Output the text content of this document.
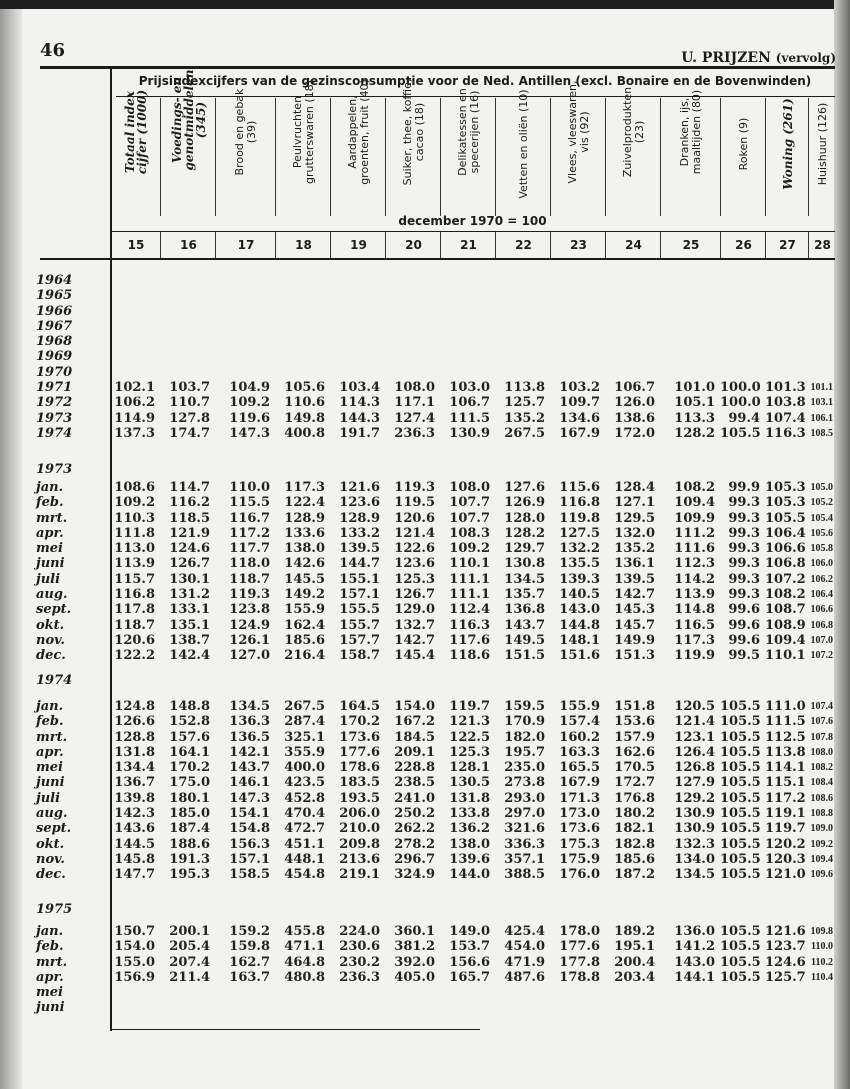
46	U. PRIJZEN (vervolg)
Prijsindexcijfers van de gezinsconsumptie voor de Ned. Antillen (excl. Bonaire en de Bovenwinden)
Totaal index cijfer (1000)
15
Voedings- en genotmiddelen (345)
16
Brood en gebak (39)
17
Peulvruchten grutterswaren (18)
18
Aardappelen, groenten, fruit (40)
19
Suiker, thee, koffie, cacao (18)
20
Delikatessen en specerijen (16)
21
Vetten en oliën (10)
22
Vlees, vleeswaren, vis (92)
23
Zuivelprodukten (23)
24
Dranken, ijs, maaltijden (80)
25
Roken (9)
26
Woning (261)
27
Huishuur (126)
28
december 1970 = 100
1964
1965
1966
1967
1968
1969
1970
1971	102.1	103.7	104.9	105.6	103.4	108.0	103.0	113.8	103.2	106.7	101.0 100.0 101.3 101.1
1972	106.2	110.7	109.2	110.6	114.3	117.1	106.7	125.7	109.7	126.0	105.1 100.0 103.8 103.1
1973	114.9	127.8	119.6	149.8	144.3	127.4	111.5	135.2	134.6	138.6	113.3	99.4 107.4 106.1
1974	137.3	174.7	147.3	400.8	191.7	236.3	130.9	267.5	167.9	172.0	128.2 105.5 116.3 108.5
1973
jan.	108.6	114.7	110.0	117.3	121.6	119.3	108.0	127.6	115.6	128.4	108.2	99.9 105.3 105.0
feb.	109.2	116.2	115.5	122.4	123.6	119.5	107.7	126.9	116.8	127.1	109.4	99.3 105.3 105.2
mrt.	110.3	118.5	116.7	128.9	128.9	120.6	107.7	128.0	119.8	129.5	109.9	99.3 105.5 105.4
apr.	111.8	121.9	117.2	133.6	133.2	121.4	108.3	128.2	127.5	132.0	111.2	99.3 106.4 105.6
mei	113.0	124.6	117.7	138.0	139.5	122.6	109.2	129.7	132.2	135.2	111.6	99.3 106.6 105.8
juni	113.9	126.7	118.0	142.6	144.7	123.6	110.1	130.8	135.5	136.1	112.3	99.3 106.8 106.0
juli	115.7	130.1	118.7	145.5	155.1	125.3	111.1	134.5	139.3	139.5	114.2	99.3 107.2 106.2
aug.	116.8	131.2	119.3	149.2	157.1	126.7	111.1	135.7	140.5	142.7	113.9	99.3 108.2 106.4
sept.	117.8	133.1	123.8	155.9	155.5	129.0	112.4	136.8	143.0	145.3	114.8	99.6 108.7 106.6
okt.	118.7	135.1	124.9	162.4	155.7	132.7	116.3	143.7	144.8	145.7	116.5	99.6 108.9 106.8
nov.	120.6	138.7	126.1	185.6	157.7	142.7	117.6	149.5	148.1	149.9	117.3	99.6 109.4 107.0
dec.	122.2	142.4	127.0	216.4	158.7	145.4	118.6	151.5	151.6	151.3	119.9	99.5 110.1 107.2
1974
jan.	124.8	148.8	134.5	267.5	164.5	154.0	119.7	159.5	155.9	151.8	120.5 105.5 111.0 107.4
feb.	126.6	152.8	136.3	287.4	170.2	167.2	121.3	170.9	157.4	153.6	121.4 105.5 111.5 107.6
mrt.	128.8	157.6	136.5	325.1	173.6	184.5	122.5	182.0	160.2	157.9	123.1 105.5 112.5 107.8
apr.	131.8	164.1	142.1	355.9	177.6	209.1	125.3	195.7	163.3	162.6	126.4 105.5 113.8 108.0
mei	134.4	170.2	143.7	400.0	178.6	228.8	128.1	235.0	165.5	170.5	126.8 105.5 114.1 108.2
juni	136.7	175.0	146.1	423.5	183.5	238.5	130.5	273.8	167.9	172.7	127.9 105.5 115.1 108.4
juli	139.8	180.1	147.3	452.8	193.5	241.0	131.8	293.0	171.3	176.8	129.2 105.5 117.2 108.6
aug.	142.3	185.0	154.1	470.4	206.0	250.2	133.8	297.0	173.0	180.2	130.9 105.5 119.1 108.8
sept.	143.6	187.4	154.8	472.7	210.0	262.2	136.2	321.6	173.6	182.1	130.9 105.5 119.7 109.0
okt.	144.5	188.6	156.3	451.1	209.8	278.2	138.0	336.3	175.3	182.8	132.3 105.5 120.2 109.2
nov.	145.8	191.3	157.1	448.1	213.6	296.7	139.6	357.1	175.9	185.6	134.0 105.5 120.3 109.4
dec.	147.7	195.3	158.5	454.8	219.1	324.9	144.0	388.5	176.0	187.2	134.5 105.5 121.0 109.6
1975
jan.	150.7	200.1	159.2	455.8	224.0	360.1	149.0	425.4	178.0	189.2	136.0 105.5 121.6 109.8
feb.	154.0	205.4	159.8	471.1	230.6	381.2	153.7	454.0	177.6	195.1	141.2 105.5 123.7 110.0
mrt.	155.0	207.4	162.7	464.8	230.2	392.0	156.6	471.9	177.8	200.4	143.0 105.5 124.6 110.2
apr.	156.9	211.4	163.7	480.8	236.3	405.0	165.7	487.6	178.8	203.4	144.1 105.5 125.7 110.4
mei
juni
